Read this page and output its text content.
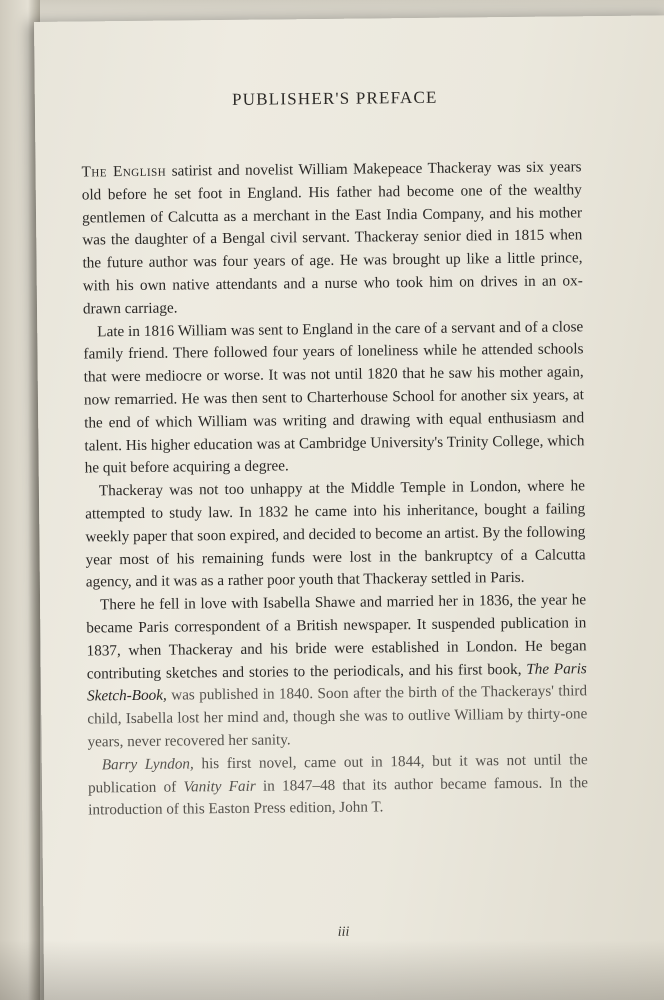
PUBLISHER'S PREFACE

The English satirist and novelist William Makepeace Thackeray was six years old before he set foot in England. His father had become one of the wealthy gentlemen of Calcutta as a merchant in the East India Company, and his mother was the daughter of a Bengal civil servant. Thackeray senior died in 1815 when the future author was four years of age. He was brought up like a little prince, with his own native attendants and a nurse who took him on drives in an ox-drawn carriage.

Late in 1816 William was sent to England in the care of a servant and of a close family friend. There followed four years of loneliness while he attended schools that were mediocre or worse. It was not until 1820 that he saw his mother again, now remarried. He was then sent to Charterhouse School for another six years, at the end of which William was writing and drawing with equal enthusiasm and talent. His higher education was at Cambridge University's Trinity College, which he quit before acquiring a degree.

Thackeray was not too unhappy at the Middle Temple in London, where he attempted to study law. In 1832 he came into his inheritance, bought a failing weekly paper that soon expired, and decided to become an artist. By the following year most of his remaining funds were lost in the bankruptcy of a Calcutta agency, and it was as a rather poor youth that Thackeray settled in Paris.

There he fell in love with Isabella Shawe and married her in 1836, the year he became Paris correspondent of a British newspaper. It suspended publication in 1837, when Thackeray and his bride were established in London. He began contributing sketches and stories to the periodicals, and his first book, The Paris Sketch-Book, was published in 1840. Soon after the birth of the Thackerays' third child, Isabella lost her mind and, though she was to outlive William by thirty-one years, never recovered her sanity.

Barry Lyndon, his first novel, came out in 1844, but it was not until the publication of Vanity Fair in 1847–48 that its author became famous. In the introduction of this Easton Press edition, John T.

iii
